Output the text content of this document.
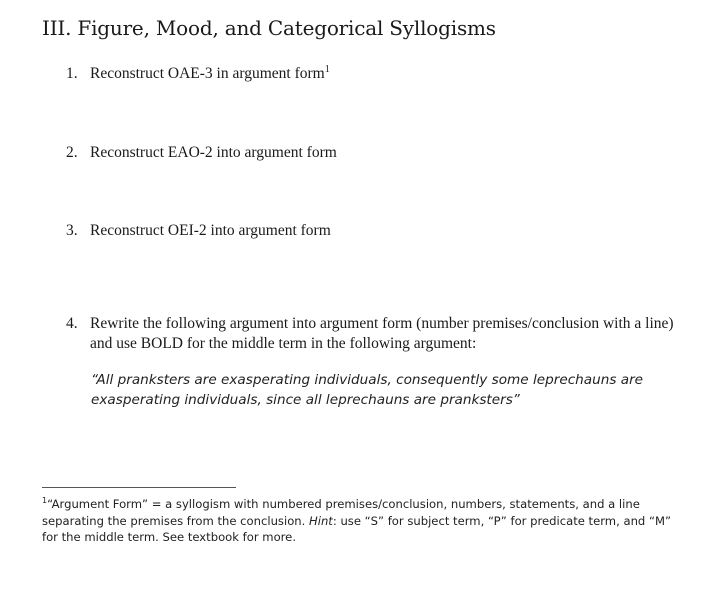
III. Figure, Mood, and Categorical Syllogisms
1. Reconstruct OAE-3 in argument form$^1$
2. Reconstruct EAO-2 into argument form
3. Reconstruct OEI-2 into argument form
4. Rewrite the following argument into argument form (number premises/conclusion with a line) and use BOLD for the middle term in the following argument:
“All pranksters are exasperating individuals, consequently some leprechauns are exasperating individuals, since all leprechauns are pranksters”
$^1$“Argument Form” = a syllogism with numbered premises/conclusion, numbers, statements, and a line separating the premises from the conclusion. Hint: use “S” for subject term, “P” for predicate term, and “M” for the middle term. See textbook for more.
